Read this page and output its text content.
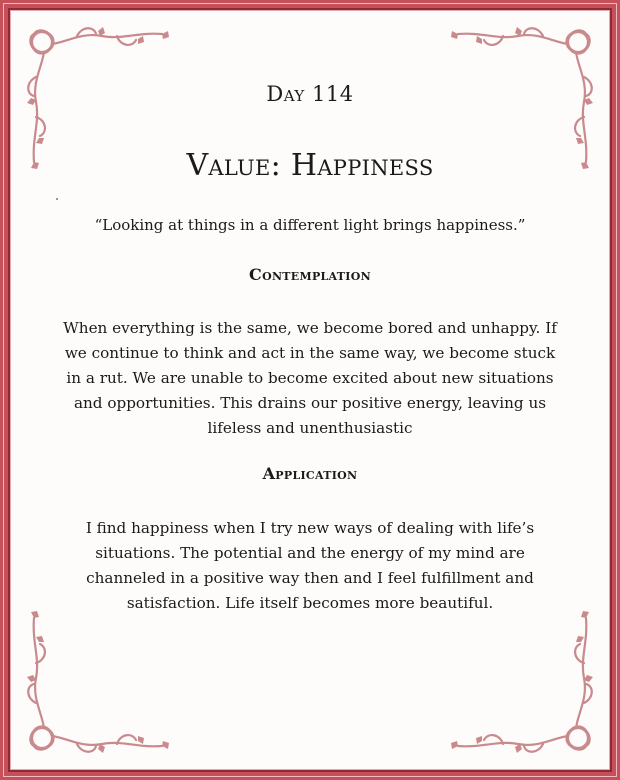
Day 114
Value: Happiness
“Looking at things in a different light brings happiness.”
Contemplation
When everything is the same, we become bored and unhappy. If
we continue to think and act in the same way, we become stuck
in a rut. We are unable to become excited about new situations
and opportunities. This drains our positive energy, leaving us
lifeless and unenthusiastic
Application
I find happiness when I try new ways of dealing with life’s
situations. The potential and the energy of my mind are
channeled in a positive way then and I feel fulfillment and
satisfaction. Life itself becomes more beautiful.
